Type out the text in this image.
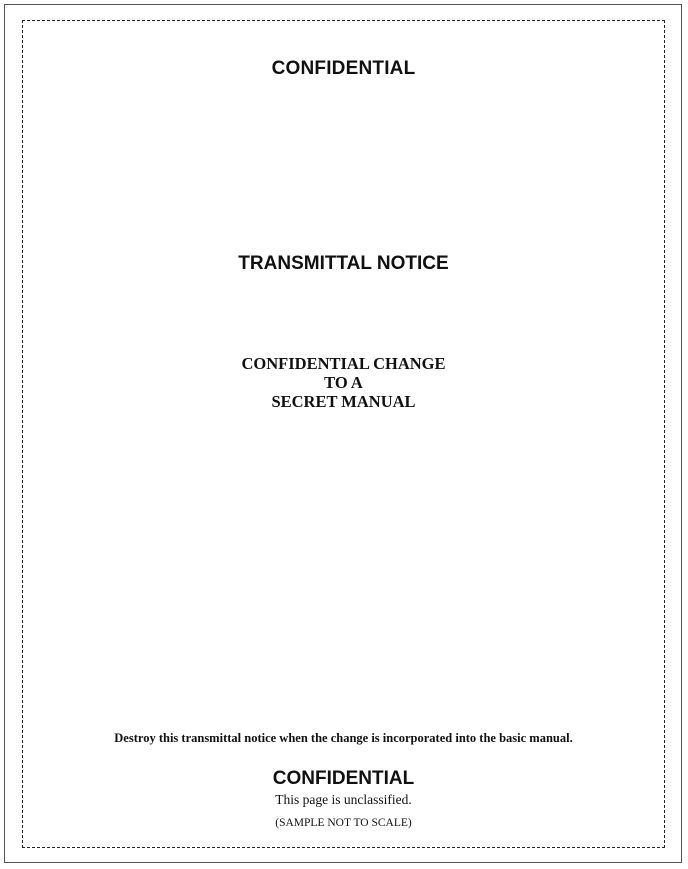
CONFIDENTIAL
TRANSMITTAL NOTICE
CONFIDENTIAL CHANGE
TO A
SECRET MANUAL
Destroy this transmittal notice when the change is incorporated into the basic manual.
CONFIDENTIAL
This page is unclassified.
(SAMPLE NOT TO SCALE)
